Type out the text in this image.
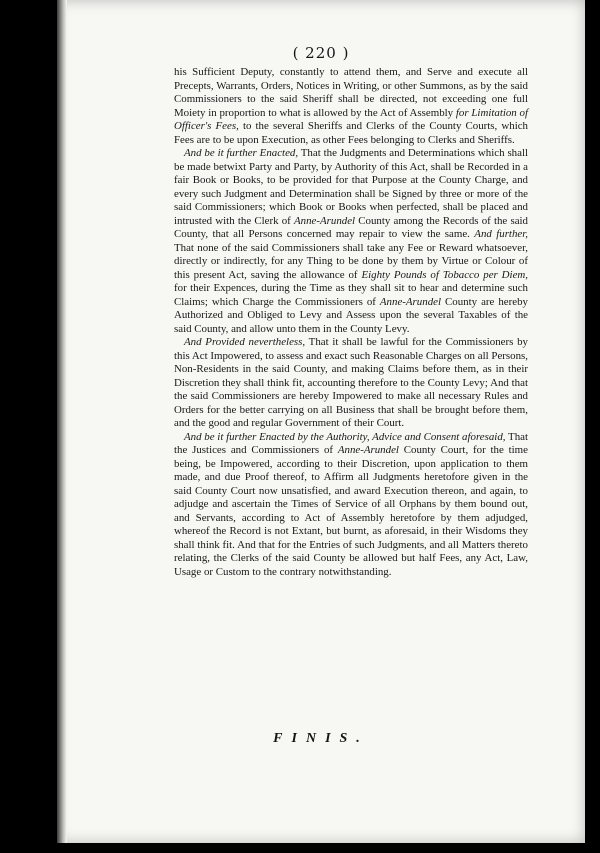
( 220 )

his Sufficient Deputy, constantly to attend them, and Serve and execute all Precepts, Warrants, Orders, Notices in Writing, or other Summons, as by the said Commissioners to the said Sheriff shall be directed, not exceeding one full Moiety in proportion to what is allowed by the Act of Assembly for Limitation of Officer's Fees, to the several Sheriffs and Clerks of the County Courts, which Fees are to be upon Execution, as other Fees belonging to Clerks and Sheriffs.

And be it further Enacted, That the Judgments and Determinations which shall be made betwixt Party and Party, by Authority of this Act, shall be Recorded in a fair Book or Books, to be provided for that Purpose at the County Charge, and every such Judgment and Determination shall be Signed by three or more of the said Commissioners; which Book or Books when perfected, shall be placed and intrusted with the Clerk of Anne-Arundel County among the Records of the said County, that all Persons concerned may repair to view the same. And further, That none of the said Commissioners shall take any Fee or Reward whatsoever, directly or indirectly, for any Thing to be done by them by Virtue or Colour of this present Act, saving the allowance of Eighty Pounds of Tobacco per Diem, for their Expences, during the Time as they shall sit to hear and determine such Claims; which Charge the Commissioners of Anne-Arundel County are hereby Authorized and Obliged to Levy and Assess upon the several Taxables of the said County, and allow unto them in the County Levy.

And Provided nevertheless, That it shall be lawful for the Commissioners by this Act Impowered, to assess and exact such Reasonable Charges on all Persons, Non-Residents in the said County, and making Claims before them, as in their Discretion they shall think fit, accounting therefore to the County Levy; And that the said Commissioners are hereby Impowered to make all necessary Rules and Orders for the better carrying on all Business that shall be brought before them, and the good and regular Government of their Court.

And be it further Enacted by the Authority, Advice and Consent aforesaid, That the Justices and Commissioners of Anne-Arundel County Court, for the time being, be Impowered, according to their Discretion, upon application to them made, and due Proof thereof, to Affirm all Judgments heretofore given in the said County Court now unsatisfied, and award Execution thereon, and again, to adjudge and ascertain the Times of Service of all Orphans by them bound out, and Servants, according to Act of Assembly heretofore by them adjudged, whereof the Record is not Extant, but burnt, as aforesaid, in their Wisdoms they shall think fit. And that for the Entries of such Judgments, and all Matters thereto relating, the Clerks of the said County be allowed but half Fees, any Act, Law, Usage or Custom to the contrary notwithstanding.

FINIS.
